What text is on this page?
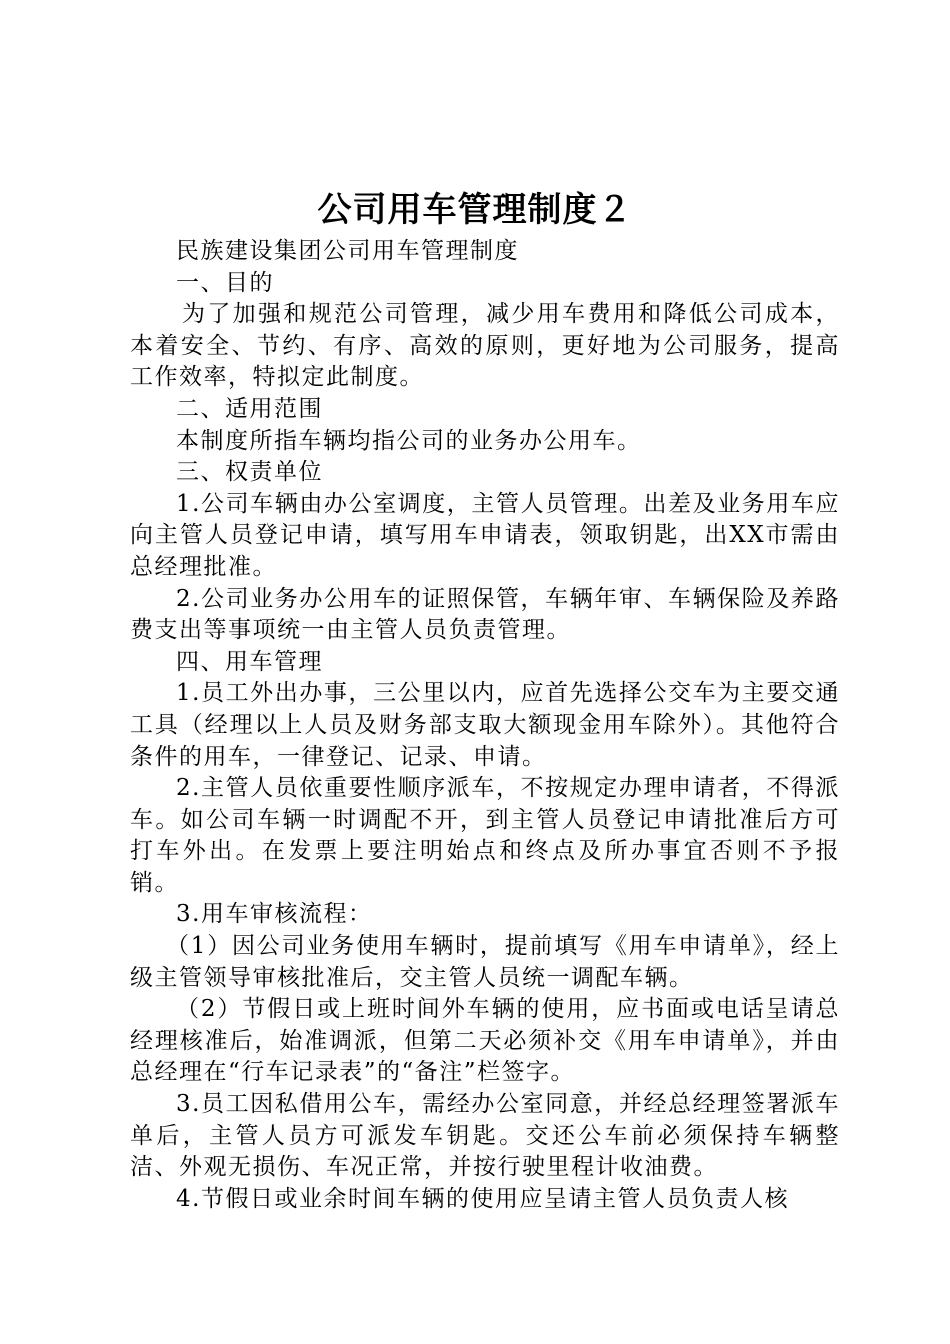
公司用车管理制度２

民族建设集团公司用车管理制度

一、目的

为了加强和规范公司管理，减少用车费用和降低公司成本，本着安全、节约、有序、高效的原则，更好地为公司服务，提高工作效率，特拟定此制度。

二、适用范围

本制度所指车辆均指公司的业务办公用车。

三、权责单位

1.公司车辆由办公室调度，主管人员管理。出差及业务用车应向主管人员登记申请，填写用车申请表，领取钥匙，出XX市需由总经理批准。

2.公司业务办公用车的证照保管，车辆年审、车辆保险及养路费支出等事项统一由主管人员负责管理。

四、用车管理

1.员工外出办事，三公里以内，应首先选择公交车为主要交通工具（经理以上人员及财务部支取大额现金用车除外）。其他符合条件的用车，一律登记、记录、申请。

2.主管人员依重要性顺序派车，不按规定办理申请者，不得派车。如公司车辆一时调配不开，到主管人员登记申请批准后方可打车外出。在发票上要注明始点和终点及所办事宜否则不予报销。

3.用车审核流程：

（1）因公司业务使用车辆时，提前填写《用车申请单》，经上级主管领导审核批准后，交主管人员统一调配车辆。

（2）节假日或上班时间外车辆的使用，应书面或电话呈请总经理核准后，始准调派，但第二天必须补交《用车申请单》，并由总经理在“行车记录表”的“备注”栏签字。

3.员工因私借用公车，需经办公室同意，并经总经理签署派车单后，主管人员方可派发车钥匙。交还公车前必须保持车辆整洁、外观无损伤、车况正常，并按行驶里程计收油费。

4.节假日或业余时间车辆的使用应呈请主管人员负责人核
